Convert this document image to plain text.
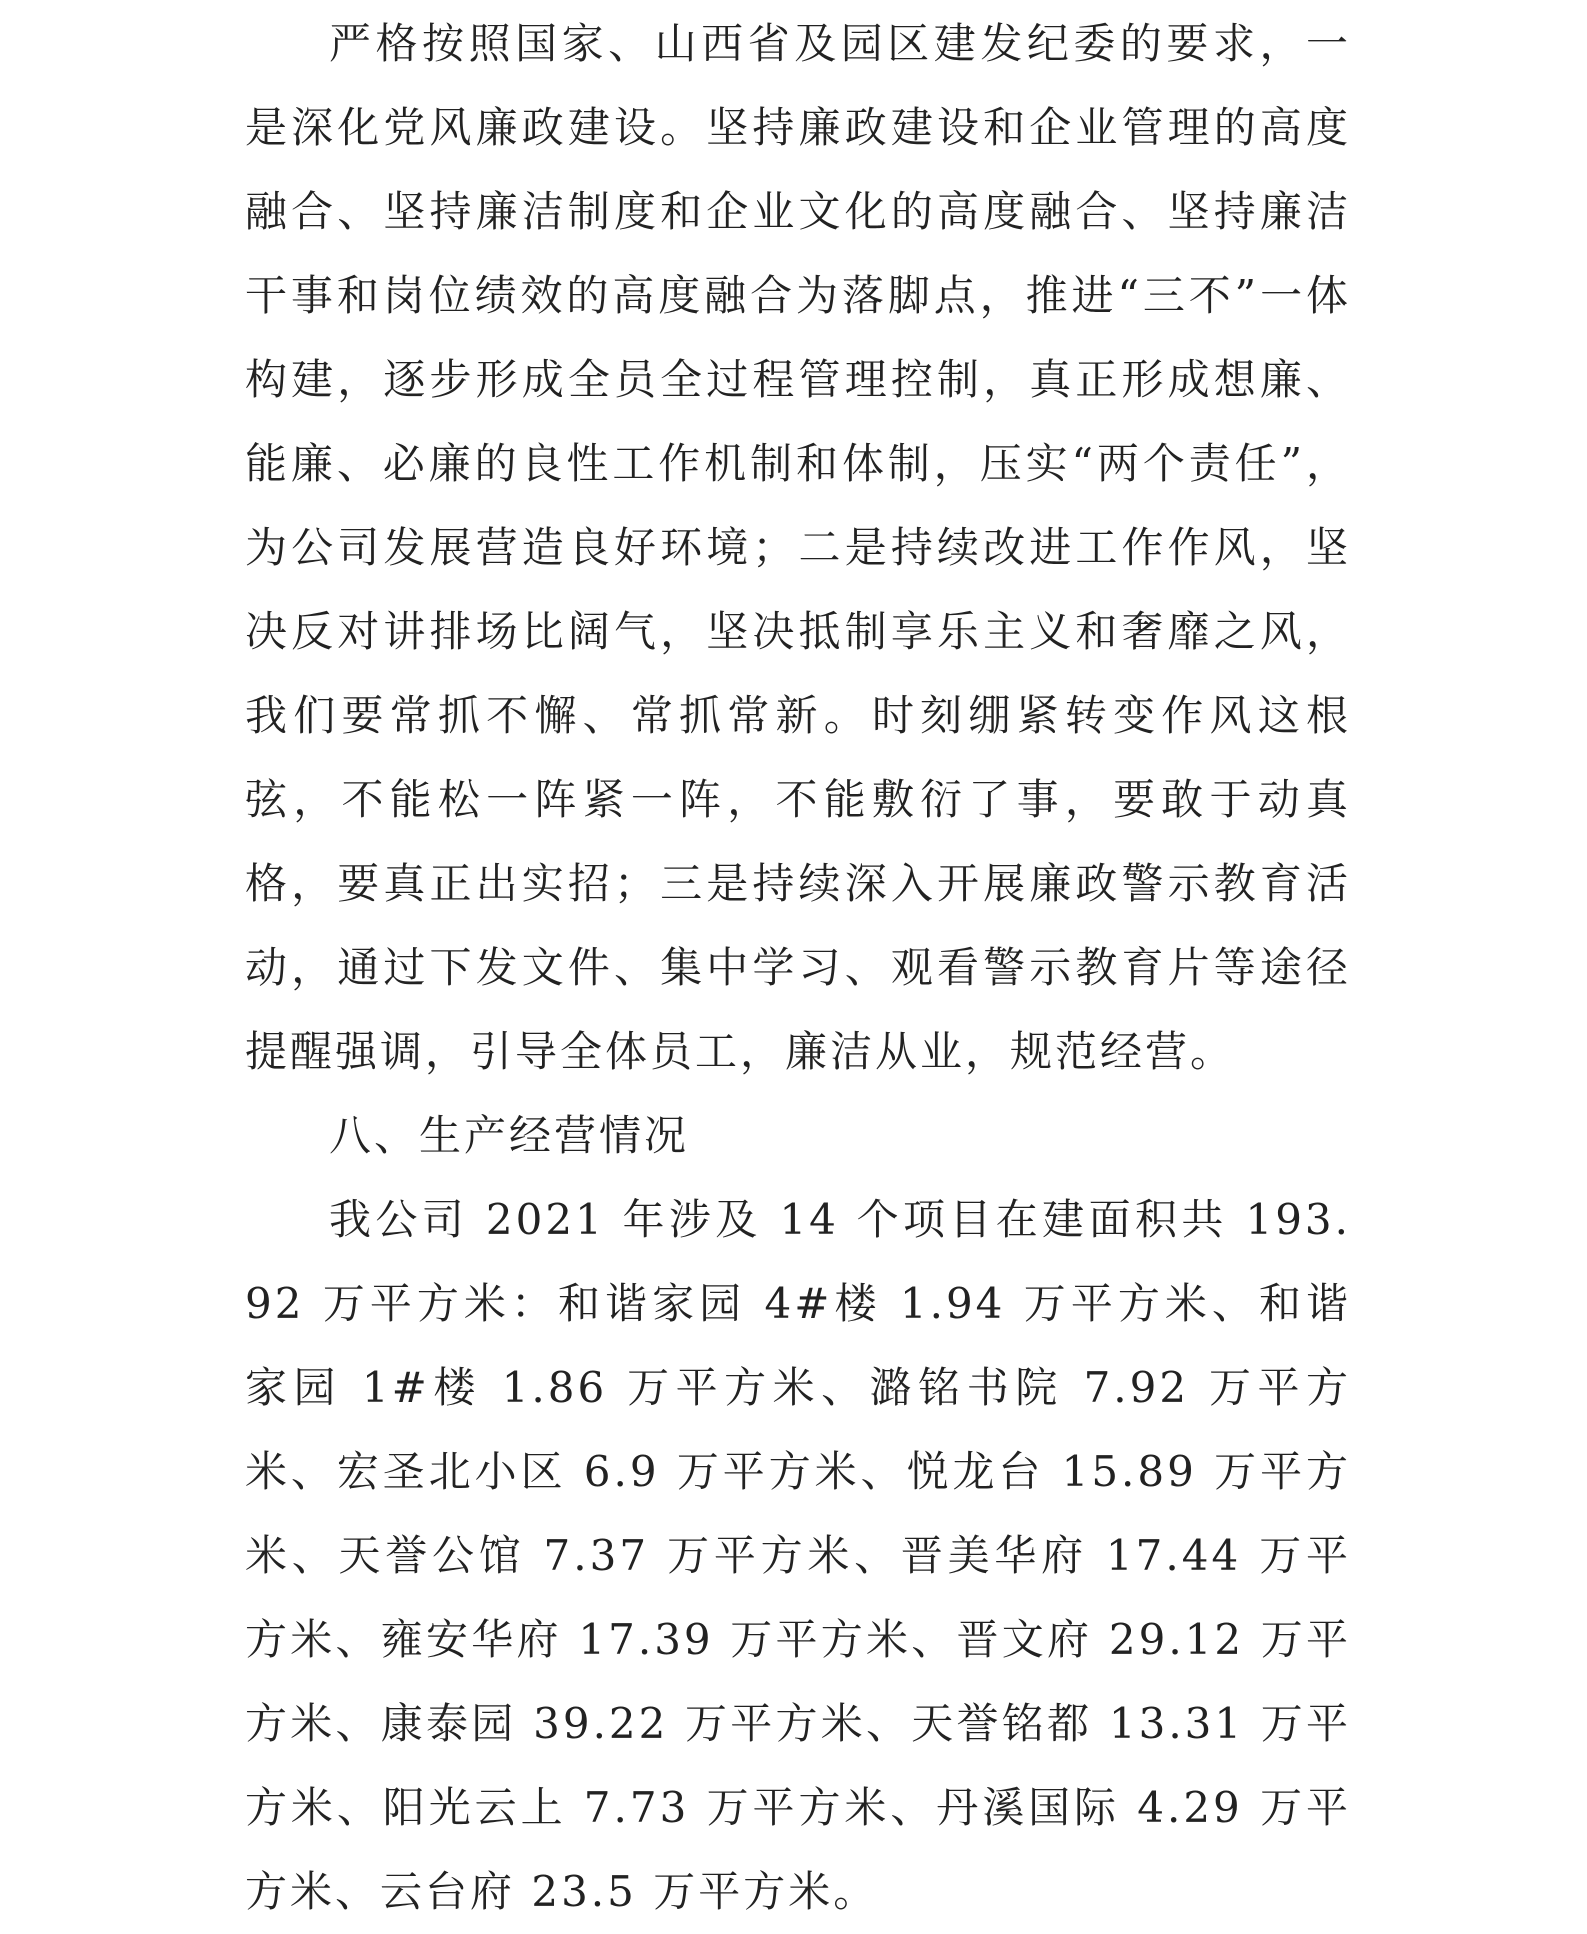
严格按照国家、山西省及园区建发纪委的要求，一是深化党风廉政建设。坚持廉政建设和企业管理的高度融合、坚持廉洁制度和企业文化的高度融合、坚持廉洁干事和岗位绩效的高度融合为落脚点，推进“三不”一体构建，逐步形成全员全过程管理控制，真正形成想廉、能廉、必廉的良性工作机制和体制，压实“两个责任”，为公司发展营造良好环境；二是持续改进工作作风，坚决反对讲排场比阔气，坚决抵制享乐主义和奢靡之风，我们要常抓不懈、常抓常新。时刻绷紧转变作风这根弦，不能松一阵紧一阵，不能敷衍了事，要敢于动真格，要真正出实招；三是持续深入开展廉政警示教育活动，通过下发文件、集中学习、观看警示教育片等途径提醒强调，引导全体员工，廉洁从业，规范经营。

八、生产经营情况

我公司 2021 年涉及 14 个项目在建面积共 193.92 万平方米：和谐家园 4#楼 1.94 万平方米、和谐家园 1#楼 1.86 万平方米、潞铭书院 7.92 万平方米、宏圣北小区 6.9 万平方米、悦龙台 15.89 万平方米、天誉公馆 7.37 万平方米、晋美华府 17.44 万平方米、雍安华府 17.39 万平方米、晋文府 29.12 万平方米、康泰园 39.22 万平方米、天誉铭都 13.31 万平方米、阳光云上 7.73 万平方米、丹溪国际 4.29 万平方米、云台府 23.5 万平方米。
